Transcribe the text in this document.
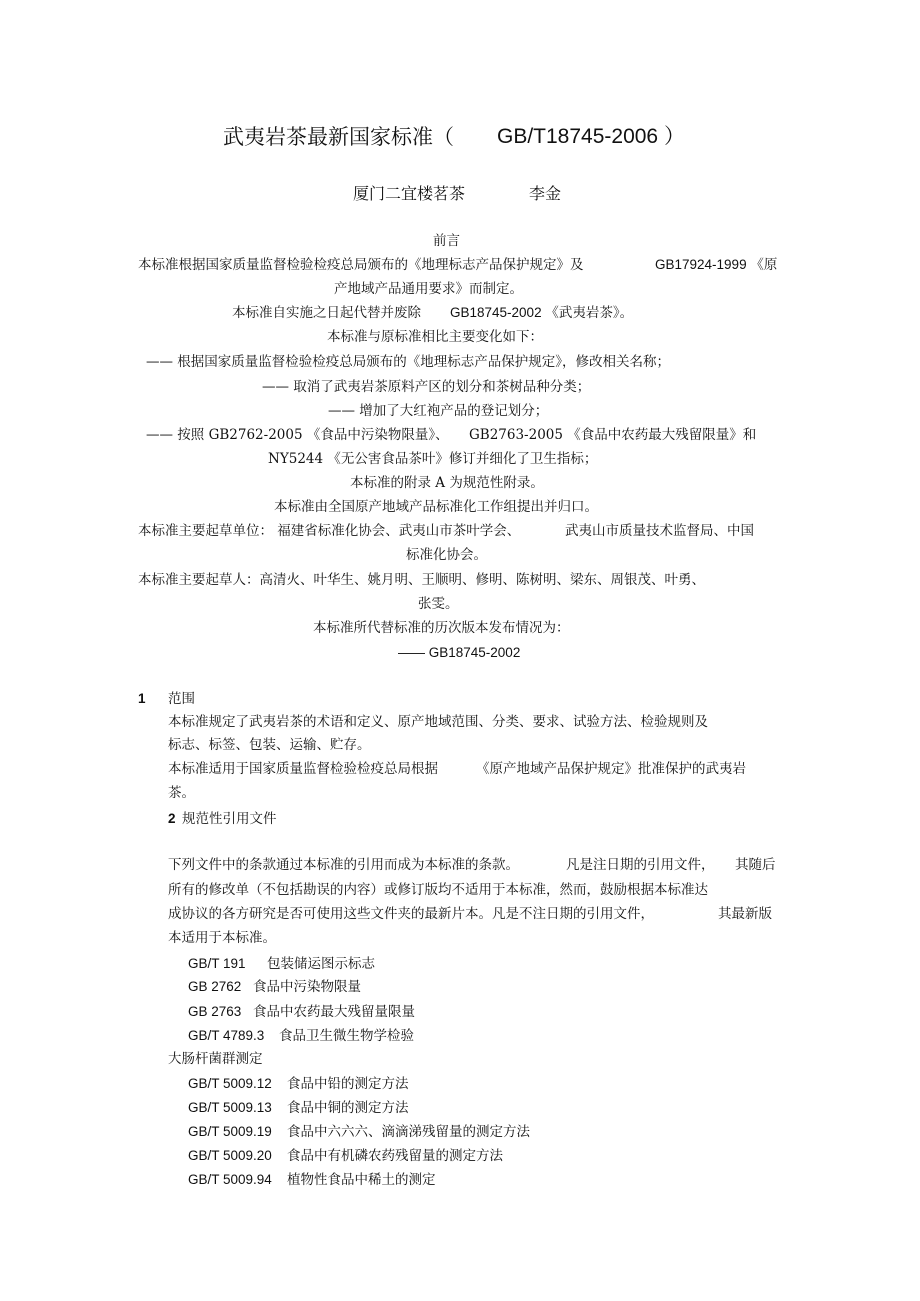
武夷岩茶最新国家标准（ GB/T18745-2006 ）
厦门二宜楼茗茶	李金
前言
本标准根据国家质量监督检验检疫总局颁布的《地理标志产品保护规定》及	GB17924-1999 《原
产地域产品通用要求》而制定。
本标准自实施之日起代替并废除 GB18745-2002 《武夷岩茶》。
本标准与原标准相比主要变化如下：
—— 根据国家质量监督检验检疫总局颁布的《地理标志产品保护规定》，修改相关名称；
—— 取消了武夷岩茶原料产区的划分和茶树品种分类；
—— 增加了大红袍产品的登记划分；
—— 按照 GB2762-2005 《食品中污染物限量》、 GB2763-2005 《食品中农药最大残留限量》和
NY5244 《无公害食品茶叶》修订并细化了卫生指标；
本标准的附录 A 为规范性附录。
本标准由全国原产地域产品标准化工作组提出并归口。
本标准主要起草单位： 福建省标准化协会、武夷山市茶叶学会、	武夷山市质量技术监督局、中国
标准化协会。
本标准主要起草人：高清火、叶华生、姚月明、王顺明、修明、陈树明、梁东、周银茂、叶勇、
张雯。
本标准所代替标准的历次版本发布情况为：
—— GB18745-2002
1 范围
本标准规定了武夷岩茶的术语和定义、原产地域范围、分类、要求、试验方法、检验规则及
标志、标签、包装、运输、贮存。
本标准适用于国家质量监督检验检疫总局根据	《原产地域产品保护规定》批准保护的武夷岩
茶。
2 规范性引用文件
下列文件中的条款通过本标准的引用而成为本标准的条款。	凡是注日期的引用文件， 其随后
所有的修改单（不包括勘误的内容）或修订版均不适用于本标准，然而，鼓励根据本标准达
成协议的各方研究是否可使用这些文件夹的最新片本。凡是不注日期的引用文件，	其最新版
本适用于本标准。
GB/T 191 包装储运图示标志
GB 2762 食品中污染物限量
GB 2763 食品中农药最大残留量限量
GB/T 4789.3 食品卫生微生物学检验
大肠杆菌群测定
GB/T 5009.12 食品中铅的测定方法
GB/T 5009.13 食品中铜的测定方法
GB/T 5009.19 食品中六六六、滴滴涕残留量的测定方法
GB/T 5009.20 食品中有机磷农药残留量的测定方法
GB/T 5009.94 植物性食品中稀土的测定
